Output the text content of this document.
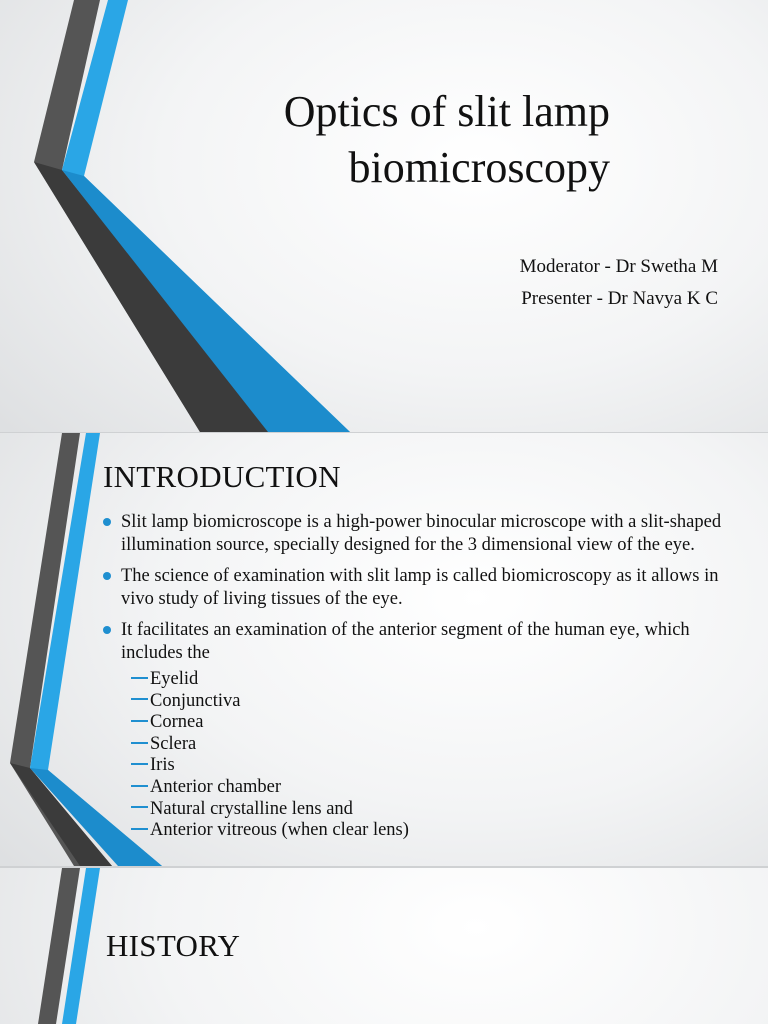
Optics of slit lamp
biomicroscopy
Moderator - Dr Swetha M
Presenter - Dr Navya K C
INTRODUCTION
Slit lamp biomicroscope is a high-power binocular microscope with a slit-shaped illumination source, specially designed for the 3 dimensional view of the eye.
The science of examination with slit lamp is called biomicroscopy as it allows in vivo study of living tissues of the eye.
It facilitates an examination of the anterior segment of the human eye, which includes the
Eyelid
Conjunctiva
Cornea
Sclera
Iris
Anterior chamber
Natural crystalline lens and
Anterior vitreous (when clear lens)
HISTORY
